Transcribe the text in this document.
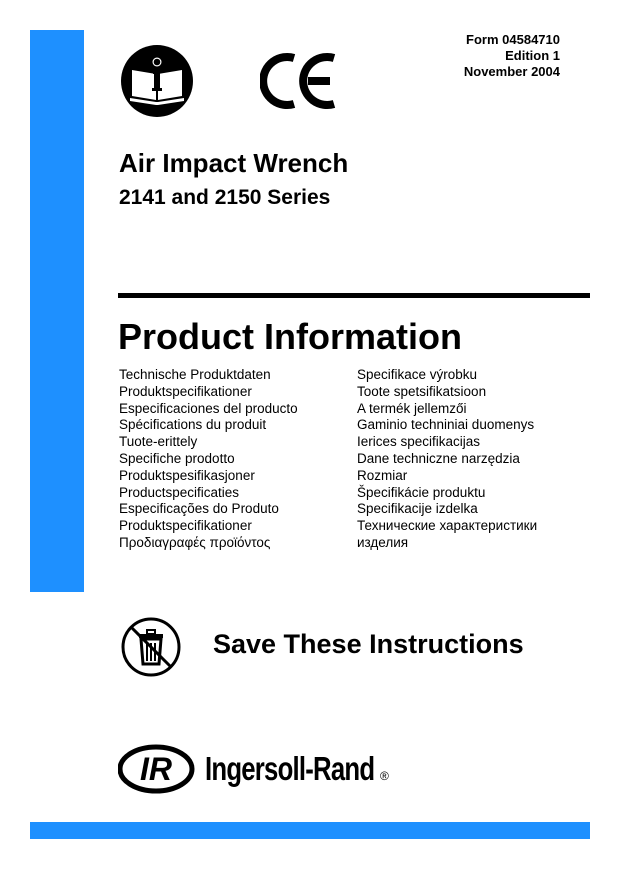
Form 04584710
Edition 1
November 2004
Air Impact Wrench
2141 and 2150 Series
Product Information
Technische Produktdaten
Produktspecifikationer
Especificaciones del producto
Spécifications du produit
Tuote-erittely
Specifiche prodotto
Produktspesifikasjoner
Productspecificaties
Especificações do Produto
Produktspecifikationer
Προδιαγραφές προϊόντος
Specifikace výrobku
Toote spetsifikatsioon
A termék jellemzői
Gaminio techniniai duomenys
Ierices specifikacijas
Dane techniczne narzędzia
Rozmiar
Špecifikácie produktu
Specifikacije izdelka
Технические характеристики изделия
Save These Instructions
IR	®
Ingersoll-Rand
